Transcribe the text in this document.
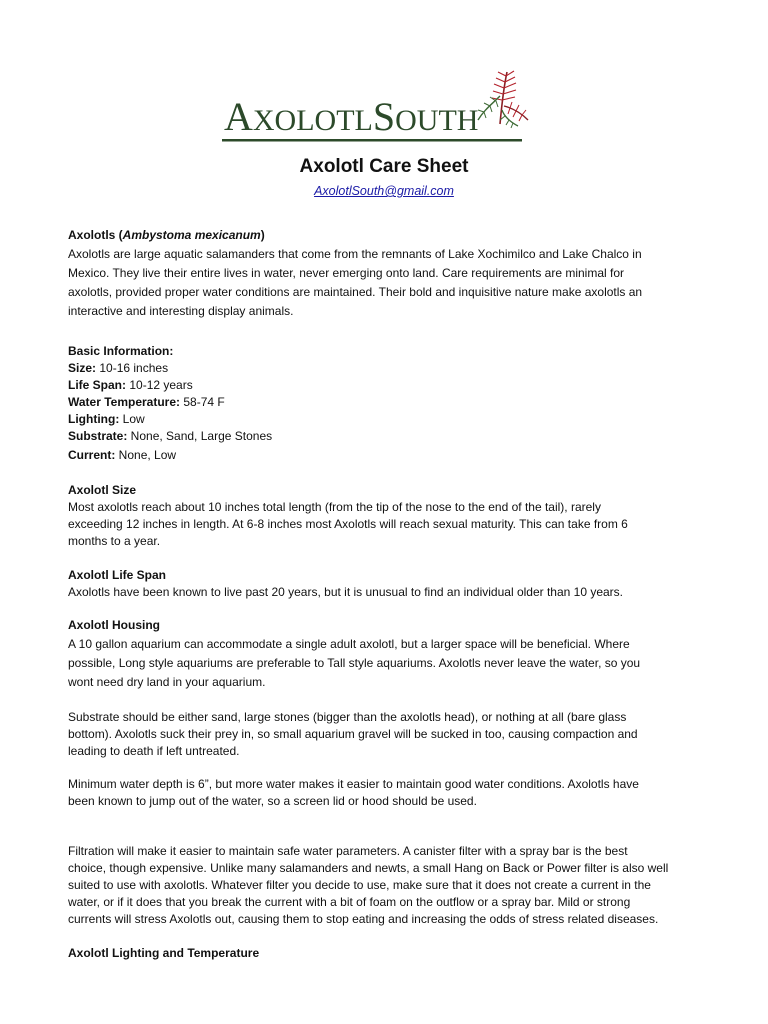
AXOLOTLSOUTH
Axolotl Care Sheet
AxolotlSouth@gmail.com

Axolotls (Ambystoma mexicanum)

Axolotls are large aquatic salamanders that come from the remnants of Lake Xochimilco and Lake Chalco in

Mexico. They live their entire lives in water, never emerging onto land. Care requirements are minimal for

axolotls, provided proper water conditions are maintained. Their bold and inquisitive nature make axolotls an

interactive and interesting display animals.

Basic Information:

Size: 10-16 inches

Life Span: 10-12 years

Water Temperature: 58-74 F

Lighting: Low

Substrate: None, Sand, Large Stones

Current: None, Low

Axolotl Size

Most axolotls reach about 10 inches total length (from the tip of the nose to the end of the tail), rarely

exceeding 12 inches in length. At 6-8 inches most Axolotls will reach sexual maturity. This can take from 6

months to a year.

Axolotl Life Span

Axolotls have been known to live past 20 years, but it is unusual to find an individual older than 10 years.

Axolotl Housing

A 10 gallon aquarium can accommodate a single adult axolotl, but a larger space will be beneficial. Where

possible, Long style aquariums are preferable to Tall style aquariums. Axolotls never leave the water, so you

wont need dry land in your aquarium.

Substrate should be either sand, large stones (bigger than the axolotls head), or nothing at all (bare glass

bottom). Axolotls suck their prey in, so small aquarium gravel will be sucked in too, causing compaction and

leading to death if left untreated.

Minimum water depth is 6”, but more water makes it easier to maintain good water conditions. Axolotls have

been known to jump out of the water, so a screen lid or hood should be used.

Filtration will make it easier to maintain safe water parameters. A canister filter with a spray bar is the best

choice, though expensive. Unlike many salamanders and newts, a small Hang on Back or Power filter is also well

suited to use with axolotls. Whatever filter you decide to use, make sure that it does not create a current in the

water, or if it does that you break the current with a bit of foam on the outflow or a spray bar. Mild or strong

currents will stress Axolotls out, causing them to stop eating and increasing the odds of stress related diseases.

Axolotl Lighting and Temperature
